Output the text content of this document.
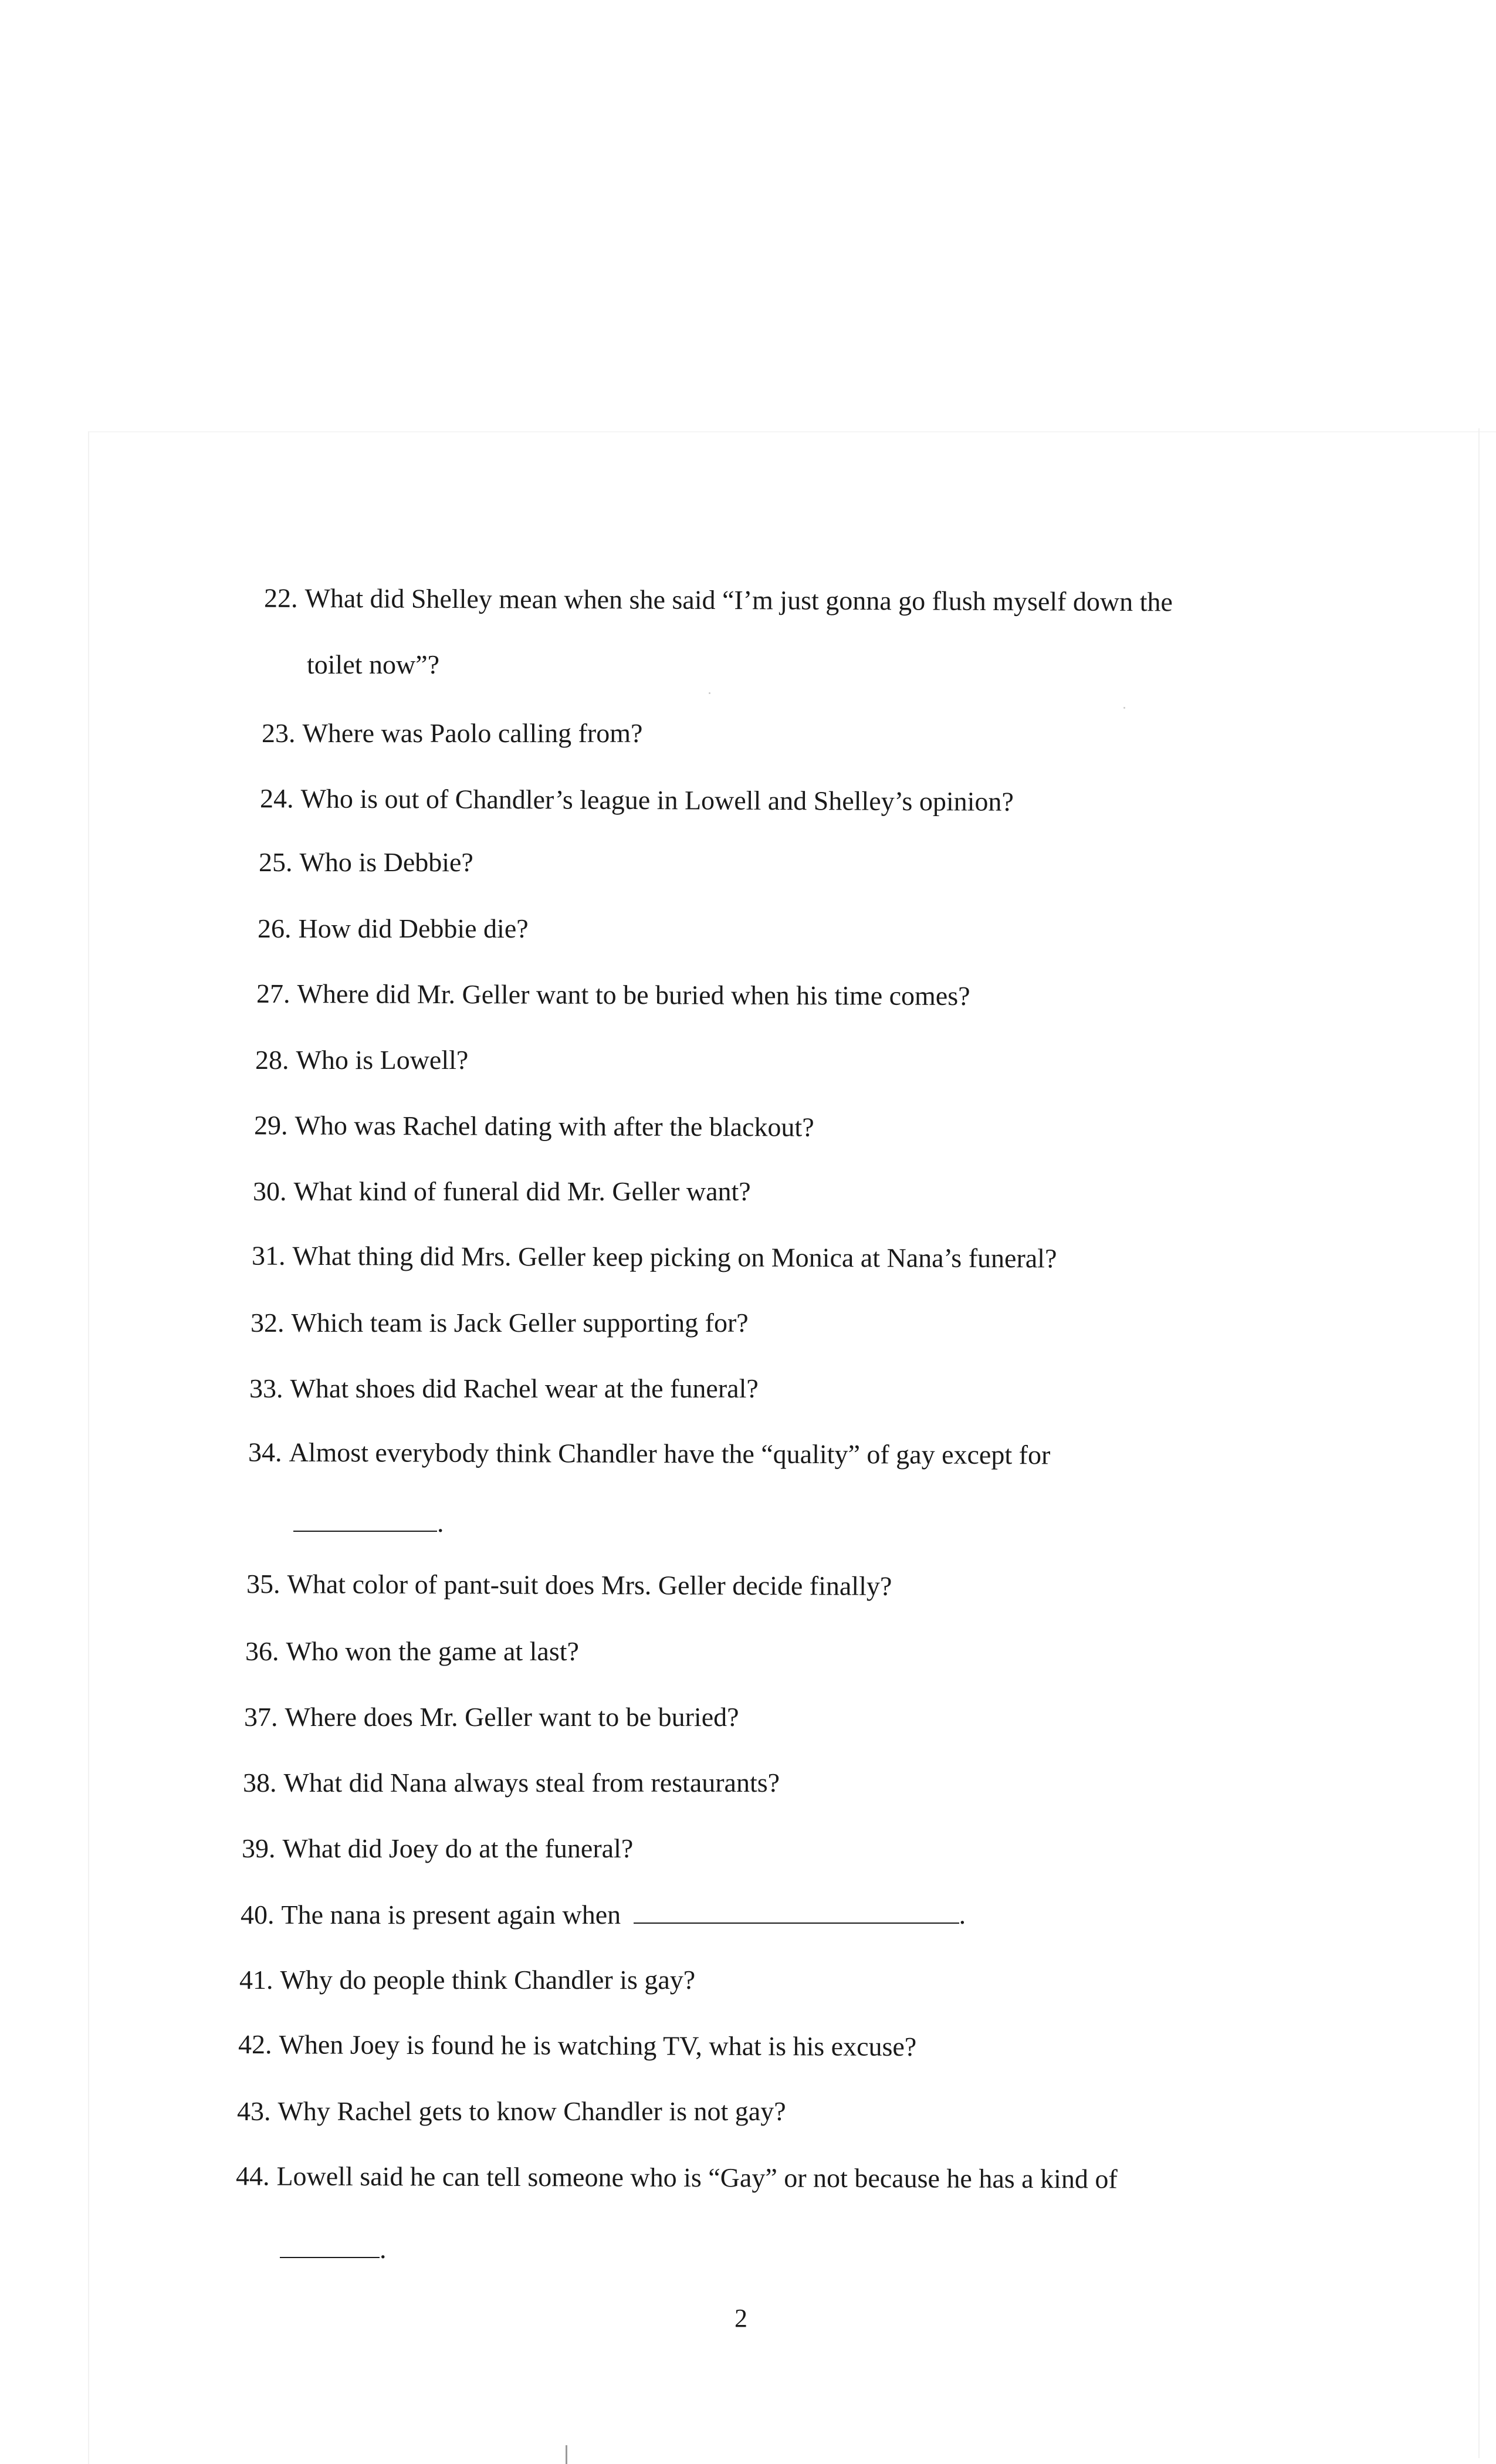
22. What did Shelley mean when she said “I’m just gonna go flush myself down the
toilet now”?
23. Where was Paolo calling from?
24. Who is out of Chandler’s league in Lowell and Shelley’s opinion?
25. Who is Debbie?
26. How did Debbie die?
27. Where did Mr. Geller want to be buried when his time comes?
28. Who is Lowell?
29. Who was Rachel dating with after the blackout?
30. What kind of funeral did Mr. Geller want?
31. What thing did Mrs. Geller keep picking on Monica at Nana’s funeral?
32. Which team is Jack Geller supporting for?
33. What shoes did Rachel wear at the funeral?
34. Almost everybody think Chandler have the “quality” of gay except for
.
35. What color of pant-suit does Mrs. Geller decide finally?
36. Who won the game at last?
37. Where does Mr. Geller want to be buried?
38. What did Nana always steal from restaurants?
39. What did Joey do at the funeral?
40. The nana is present again when	.
41. Why do people think Chandler is gay?
42. When Joey is found he is watching TV, what is his excuse?
43. Why Rachel gets to know Chandler is not gay?
44. Lowell said he can tell someone who is “Gay” or not because he has a kind of
.
2
